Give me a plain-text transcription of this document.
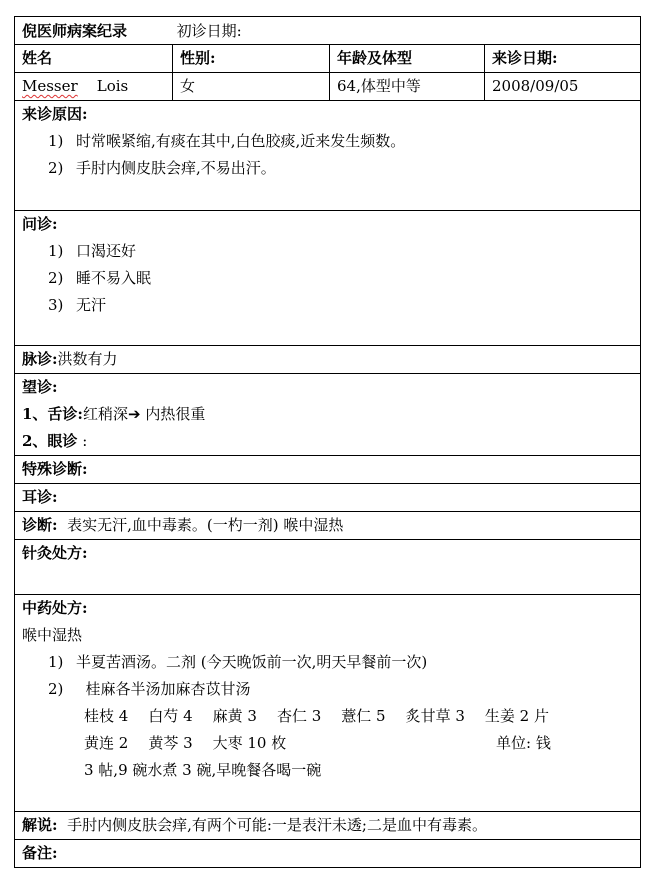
倪医师病案纪录	初诊日期:
姓名	性别:	年龄及体型	来诊日期:
Messer Lois	女	64,体型中等	2008/09/05
来诊原因:
1) 时常喉紧缩,有痰在其中,白色胶痰,近来发生频数。
2) 手肘内侧皮肤会痒,不易出汗。
问诊:
1) 口渴还好
2) 睡不易入眠
3) 无汗
脉诊:洪数有力
望诊:
1、舌诊:红稍深➔ 内热很重
2、眼诊 :
特殊诊断:
耳诊:
诊断: 表实无汗,血中毒素。(一杓一剂) 喉中湿热
针灸处方:
中药处方:
喉中湿热
1) 半夏苦酒汤。二剂 (今天晚饭前一次,明天早餐前一次)
2) 桂麻各半汤加麻杏苡甘汤
桂枝 4 白芍 4 麻黄 3 杏仁 3 薏仁 5 炙甘草 3 生姜 2 片
黄连 2 黄芩 3 大枣 10 枚	单位: 钱
3 帖,9 碗水煮 3 碗,早晚餐各喝一碗
解说: 手肘内侧皮肤会痒,有两个可能:一是表汗未透;二是血中有毒素。
备注:
